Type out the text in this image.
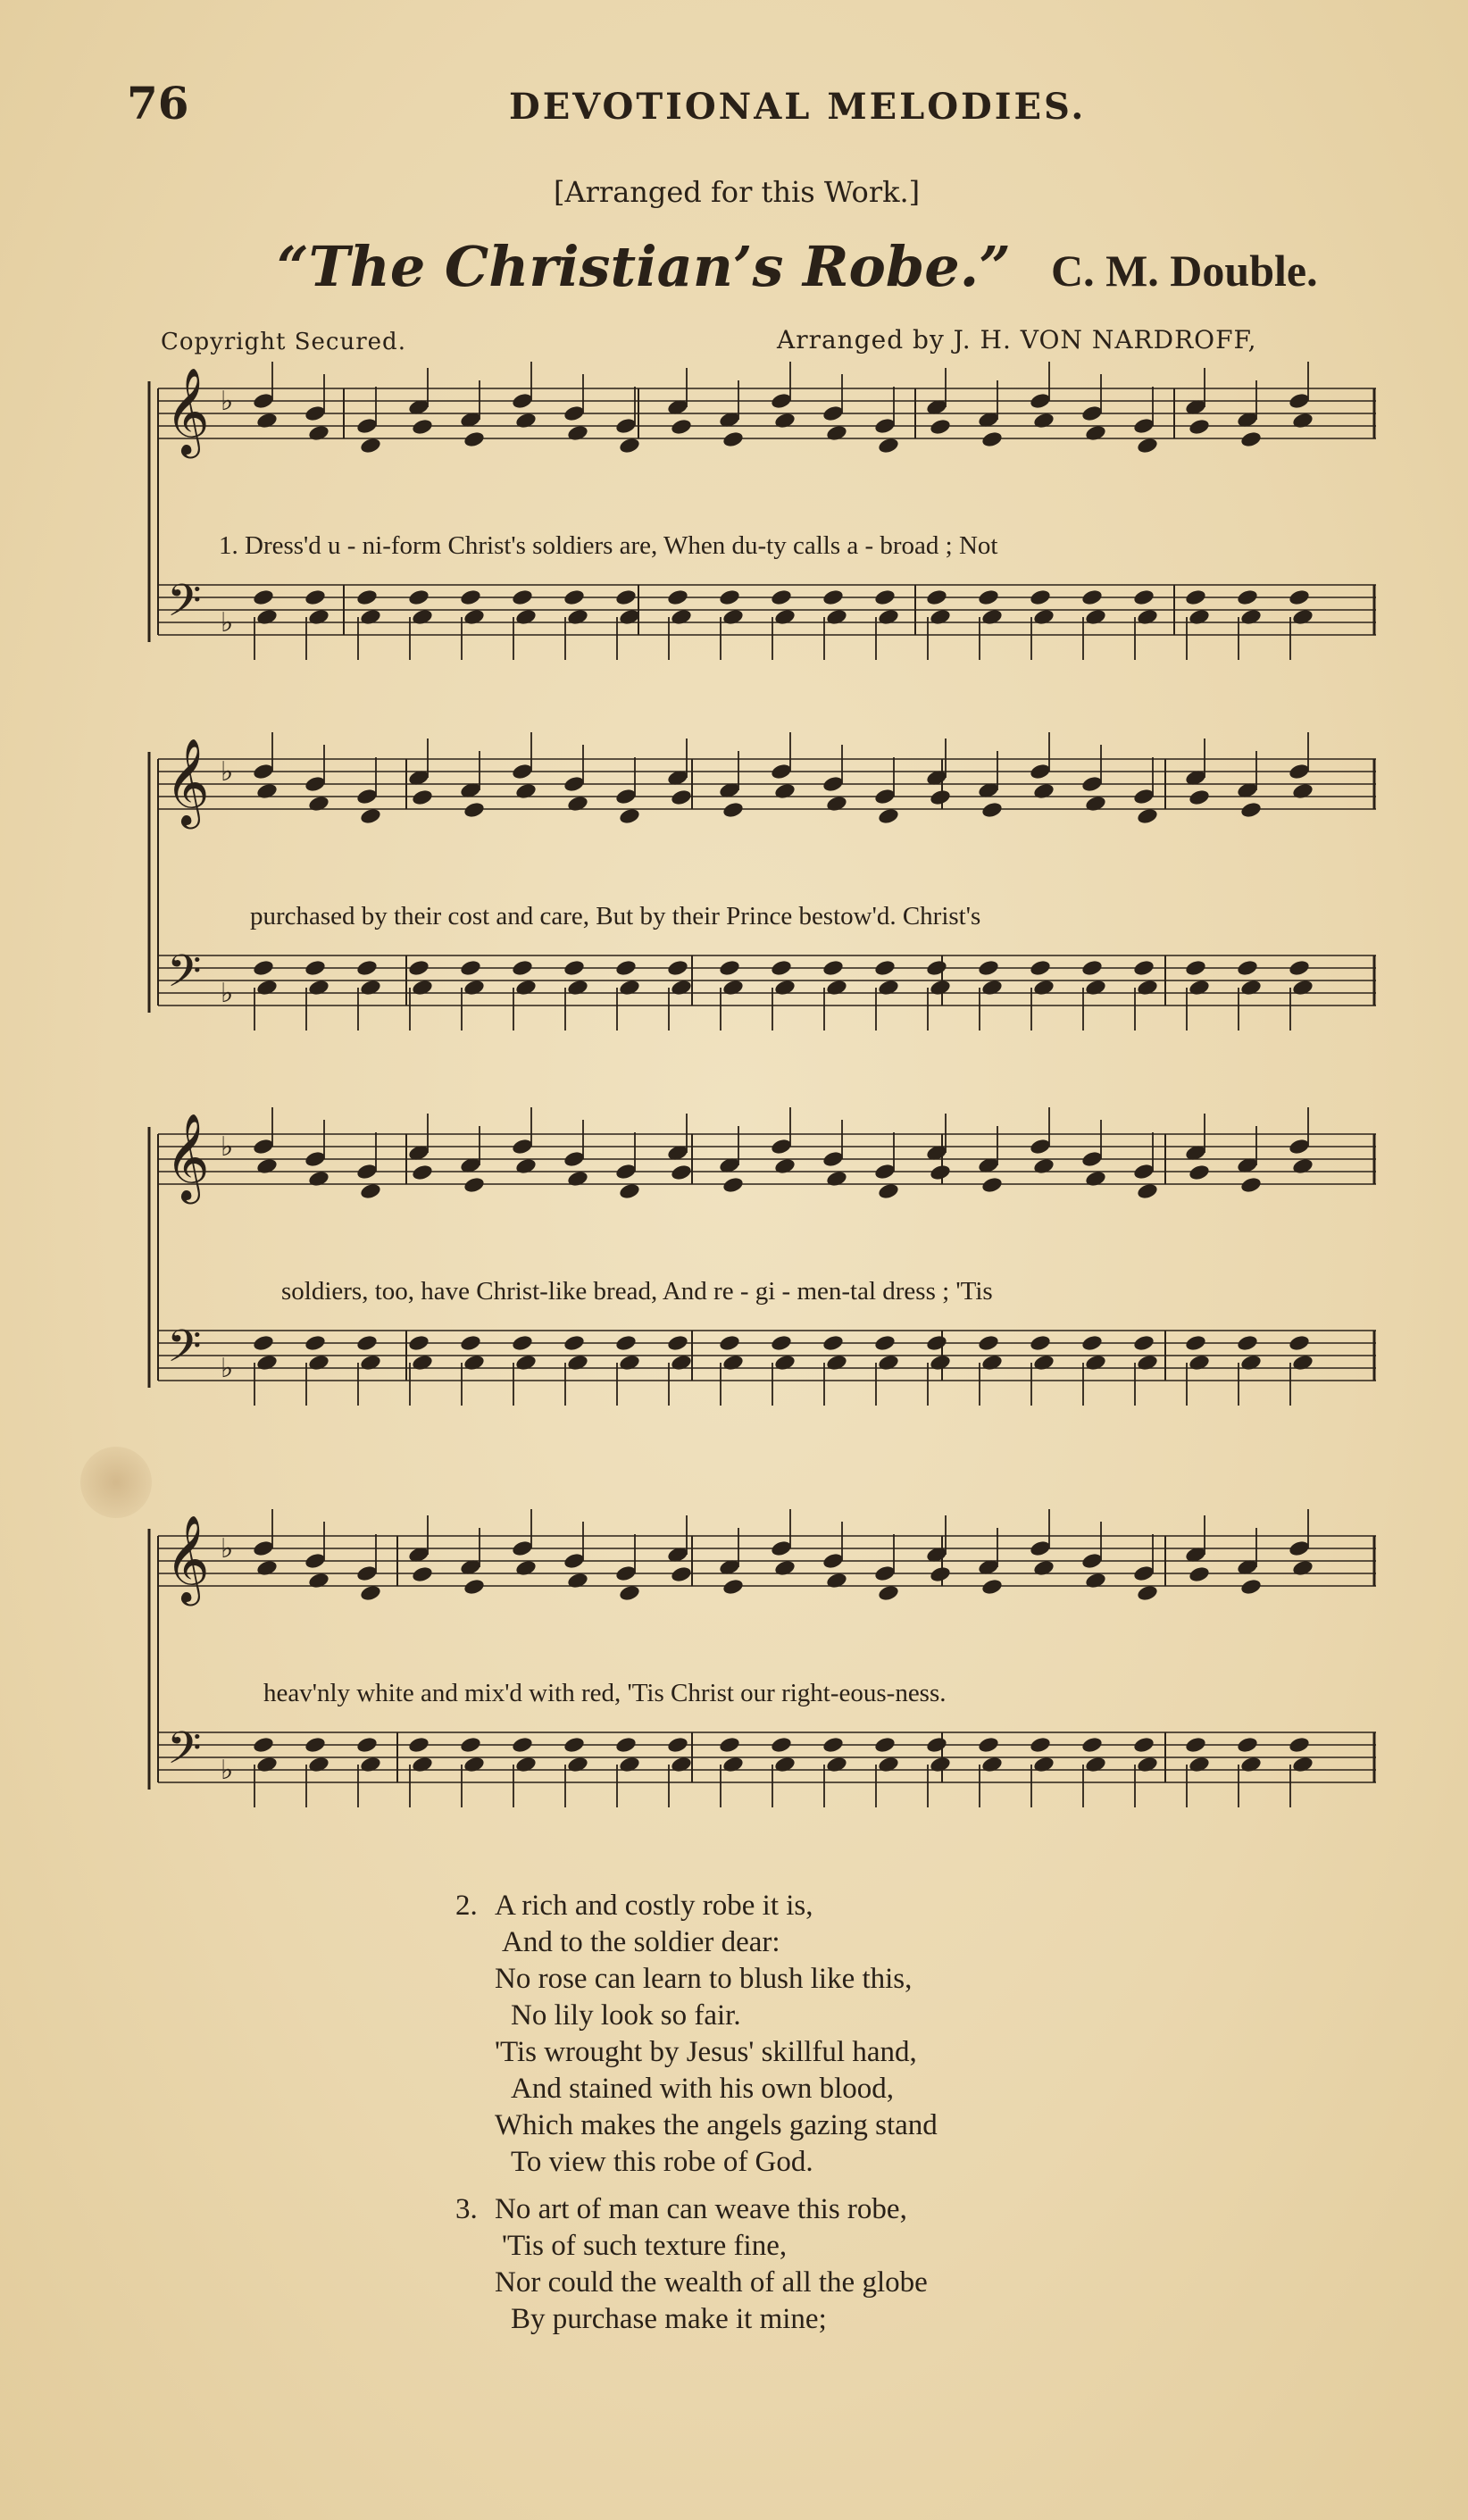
76	DEVOTIONAL MELODIES.
[Arranged for this Work.]
“The Christian’s Robe.” C. M. Double.
Copyright Secured.	Arranged by J. H. VON NARDROFF,
𝄞
𝄢
♭
♭
1. Dress'd u - ni-form Christ's soldiers are, When du-ty calls a - broad ; Not
𝄞
𝄢
♭
♭
purchased by their cost and care, But by their Prince bestow'd. Christ's
𝄞
𝄢
♭
♭
soldiers, too, have Christ-like bread, And re - gi - men-tal dress ; 'Tis
𝄞
𝄢
♭
♭
heav'nly white and mix'd with red, 'Tis Christ our right-eous-ness.
2. A rich and costly robe it is,
And to the soldier dear:
No rose can learn to blush like this,
No lily look so fair.
'Tis wrought by Jesus' skillful hand,
And stained with his own blood,
Which makes the angels gazing stand
To view this robe of God.
3. No art of man can weave this robe,
'Tis of such texture fine,
Nor could the wealth of all the globe
By purchase make it mine;
